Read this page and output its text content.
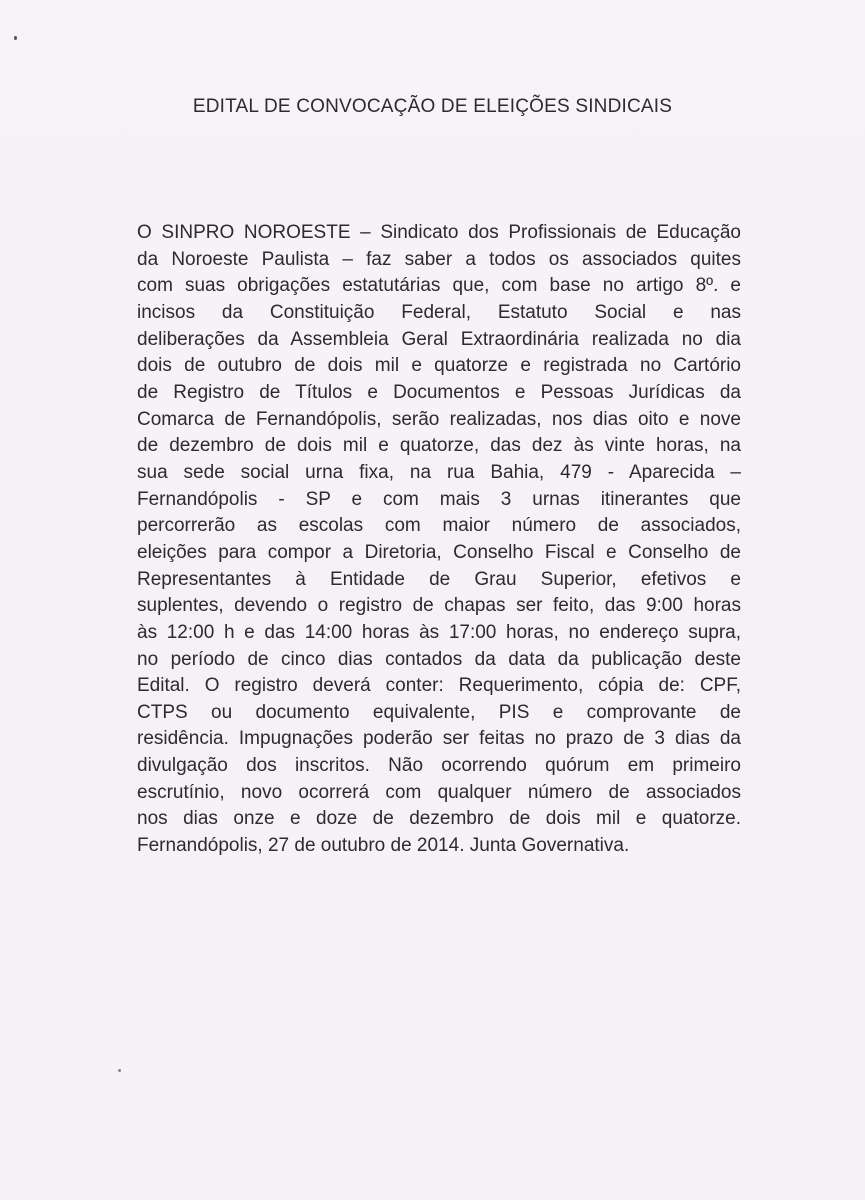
EDITAL DE CONVOCAÇÃO DE ELEIÇÕES SINDICAIS
O SINPRO NOROESTE – Sindicato dos Profissionais de Educação
da Noroeste Paulista – faz saber a todos os associados quites
com suas obrigações estatutárias que, com base no artigo 8º. e
incisos da Constituição Federal, Estatuto Social e nas
deliberações da Assembleia Geral Extraordinária realizada no dia
dois de outubro de dois mil e quatorze e registrada no Cartório
de Registro de Títulos e Documentos e Pessoas Jurídicas da
Comarca de Fernandópolis, serão realizadas, nos dias oito e nove
de dezembro de dois mil e quatorze, das dez às vinte horas, na
sua sede social urna fixa, na rua Bahia, 479 - Aparecida –
Fernandópolis - SP e com mais 3 urnas itinerantes que
percorrerão as escolas com maior número de associados,
eleições para compor a Diretoria, Conselho Fiscal e Conselho de
Representantes à Entidade de Grau Superior, efetivos e
suplentes, devendo o registro de chapas ser feito, das 9:00 horas
às 12:00 h e das 14:00 horas às 17:00 horas, no endereço supra,
no período de cinco dias contados da data da publicação deste
Edital. O registro deverá conter: Requerimento, cópia de: CPF,
CTPS ou documento equivalente, PIS e comprovante de
residência. Impugnações poderão ser feitas no prazo de 3 dias da
divulgação dos inscritos. Não ocorrendo quórum em primeiro
escrutínio, novo ocorrerá com qualquer número de associados
nos dias onze e doze de dezembro de dois mil e quatorze.
Fernandópolis, 27 de outubro de 2014. Junta Governativa.
